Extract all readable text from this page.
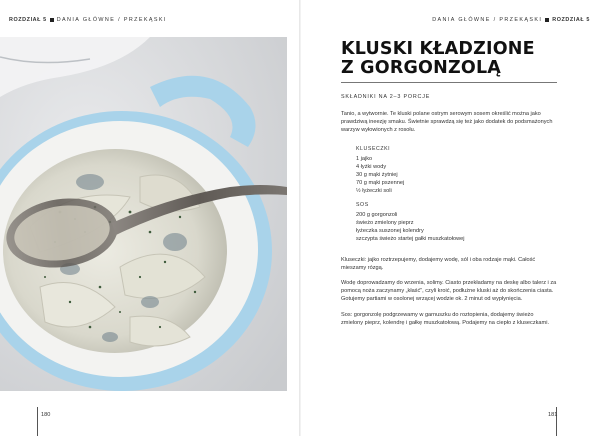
ROZDZIAŁ 5 DANIA GŁÓWNE / PRZEKĄSKI	DANIA GŁÓWNE / PRZEKĄSKI ROZDZIAŁ 5
180	181
KLUSKI KŁADZIONE
Z GORGONZOLĄ
SKŁADNIKI NA 2–3 PORCJE

Tanio, a wytwornie. Te kluski polane ostrym serowym sosem określić można jako prawdziwą ineezję smaku. Świetnie sprawdzą się też jako dodatek do podsmażonych warzyw wyłowionych z rosołu.

KLUSECZKI
1 jajko
4 łyżki wody
30 g mąki żytniej
70 g mąki pszennej
½ łyżeczki soli
SOS
200 g gorgonzoli
świeżo zmielony pieprz
łyżeczka suszonej kolendry
szczypta świeżo startej gałki muszkatołowej

Kluseczki: jajko roztrzepujemy, dodajemy wodę, sól i oba rodzaje mąki. Całość mieszamy rózgą.

Wodę doprowadzamy do wrzenia, solimy. Ciasto przekładamy na deskę albo talerz i za pomocą noża zaczynamy „kłaść”, czyli kroić, podłużne kluski aż do skończenia ciasta. Gotujemy partiami w osolonej wrzącej wodzie ok. 2 minut od wypłynięcia.

Sos: gorgonzolę podgrzewamy w garnuszku do roztopienia, dodajemy świeżo zmielony pieprz, kolendrę i gałkę muszkatołową. Podajemy na ciepło z kluseczkami.
